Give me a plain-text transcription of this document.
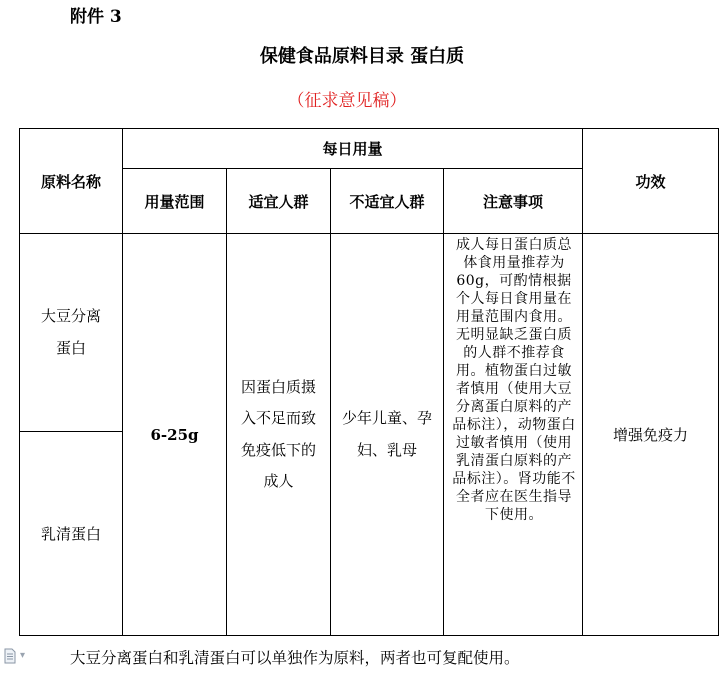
附件 3
保健食品原料目录 蛋白质
（征求意见稿）
原料名称	每日用量				功效
	用量范围	适宜人群	不适宜人群	注意事项	
大豆分离蛋白	6-25g	因蛋白质摄入不足而致免疫低下的成人	少年儿童、孕妇、乳母	成人每日蛋白质总体食用量推荐为60g，可酌情根据个人每日食用量在用量范围内食用。无明显缺乏蛋白质的人群不推荐食用。植物蛋白过敏者慎用（使用大豆分离蛋白原料的产品标注），动物蛋白过敏者慎用（使用乳清蛋白原料的产品标注）。肾功能不全者应在医生指导下使用。	增强免疫力
乳清蛋白					
▾	大豆分离蛋白和乳清蛋白可以单独作为原料，两者也可复配使用。
